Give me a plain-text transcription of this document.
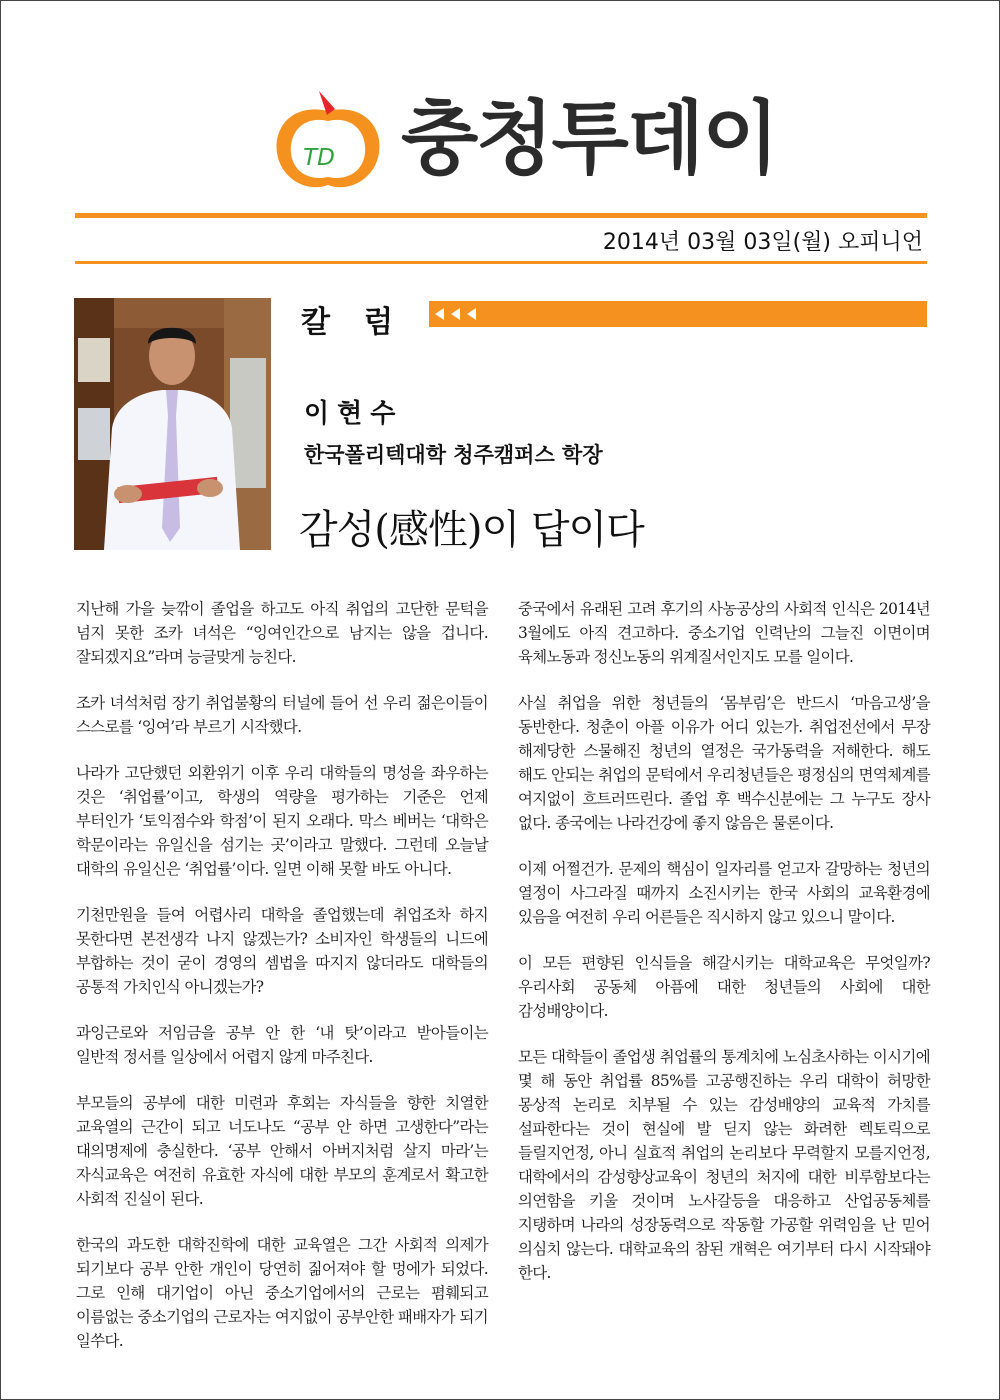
TD 충청투데이
2014년 03월 03일(월) 오피니언
칼럼
이현수
한국폴리텍대학 청주캠퍼스 학장
감성(感性)이 답이다

지난해 가을 늦깎이 졸업을 하고도 아직 취업의 고단한 문턱을 넘지 못한 조카 녀석은 “잉여인간으로 남지는 않을 겁니다. 잘되겠지요”라며 능글맞게 능친다.

조카 녀석처럼 장기 취업불황의 터널에 들어 선 우리 젊은이들이 스스로를 ‘잉여’라 부르기 시작했다.

나라가 고단했던 외환위기 이후 우리 대학들의 명성을 좌우하는 것은 ‘취업률’이고, 학생의 역량을 평가하는 기준은 언제 부터인가 ‘토익점수와 학점’이 된지 오래다. 막스 베버는 ‘대학은 학문이라는 유일신을 섬기는 곳’이라고 말했다. 그런데 오늘날 대학의 유일신은 ‘취업률’이다. 일면 이해 못할 바도 아니다.

기천만원을 들여 어렵사리 대학을 졸업했는데 취업조차 하지 못한다면 본전생각 나지 않겠는가? 소비자인 학생들의 니드에 부합하는 것이 굳이 경영의 셈법을 따지지 않더라도 대학들의 공통적 가치인식 아니겠는가?

과잉근로와 저임금을 공부 안 한 ‘내 탓’이라고 받아들이는 일반적 정서를 일상에서 어렵지 않게 마주친다.

부모들의 공부에 대한 미련과 후회는 자식들을 향한 치열한 교육열의 근간이 되고 너도나도 “공부 안 하면 고생한다”라는 대의명제에 충실한다. ‘공부 안해서 아버지처럼 살지 마라’는 자식교육은 여전히 유효한 자식에 대한 부모의 훈계로서 확고한 사회적 진실이 된다.

한국의 과도한 대학진학에 대한 교육열은 그간 사회적 의제가 되기보다 공부 안한 개인이 당연히 짊어져야 할 멍에가 되었다. 그로 인해 대기업이 아닌 중소기업에서의 근로는 폄훼되고 이름없는 중소기업의 근로자는 여지없이 공부안한 패배자가 되기 일쑤다.

중국에서 유래된 고려 후기의 사농공상의 사회적 인식은 2014년 3월에도 아직 견고하다. 중소기업 인력난의 그늘진 이면이며 육체노동과 정신노동의 위계질서인지도 모를 일이다.

사실 취업을 위한 청년들의 ‘몸부림’은 반드시 ‘마음고생’을 동반한다. 청춘이 아플 이유가 어디 있는가. 취업전선에서 무장 해제당한 스물해진 청년의 열정은 국가동력을 저해한다. 해도 해도 안되는 취업의 문턱에서 우리청년들은 평정심의 면역체계를 여지없이 흐트러뜨린다. 졸업 후 백수신분에는 그 누구도 장사 없다. 종국에는 나라건강에 좋지 않음은 물론이다.

이제 어쩔건가. 문제의 핵심이 일자리를 얻고자 갈망하는 청년의 열정이 사그라질 때까지 소진시키는 한국 사회의 교육환경에 있음을 여전히 우리 어른들은 직시하지 않고 있으니 말이다.

이 모든 편향된 인식들을 해갈시키는 대학교육은 무엇일까? 우리사회 공동체 아픔에 대한 청년들의 사회에 대한 감성배양이다.

모든 대학들이 졸업생 취업률의 통계치에 노심초사하는 이시기에 몇 해 동안 취업률 85%를 고공행진하는 우리 대학이 허망한 몽상적 논리로 치부될 수 있는 감성배양의 교육적 가치를 설파한다는 것이 현실에 발 딛지 않는 화려한 렉토릭으로 들릴지언정, 아니 실효적 취업의 논리보다 무력할지 모를지언정, 대학에서의 감성향상교육이 청년의 처지에 대한 비루함보다는 의연함을 키울 것이며 노사갈등을 대응하고 산업공동체를 지탱하며 나라의 성장동력으로 작동할 가공할 위력임을 난 믿어 의심치 않는다. 대학교육의 참된 개혁은 여기부터 다시 시작돼야 한다.
